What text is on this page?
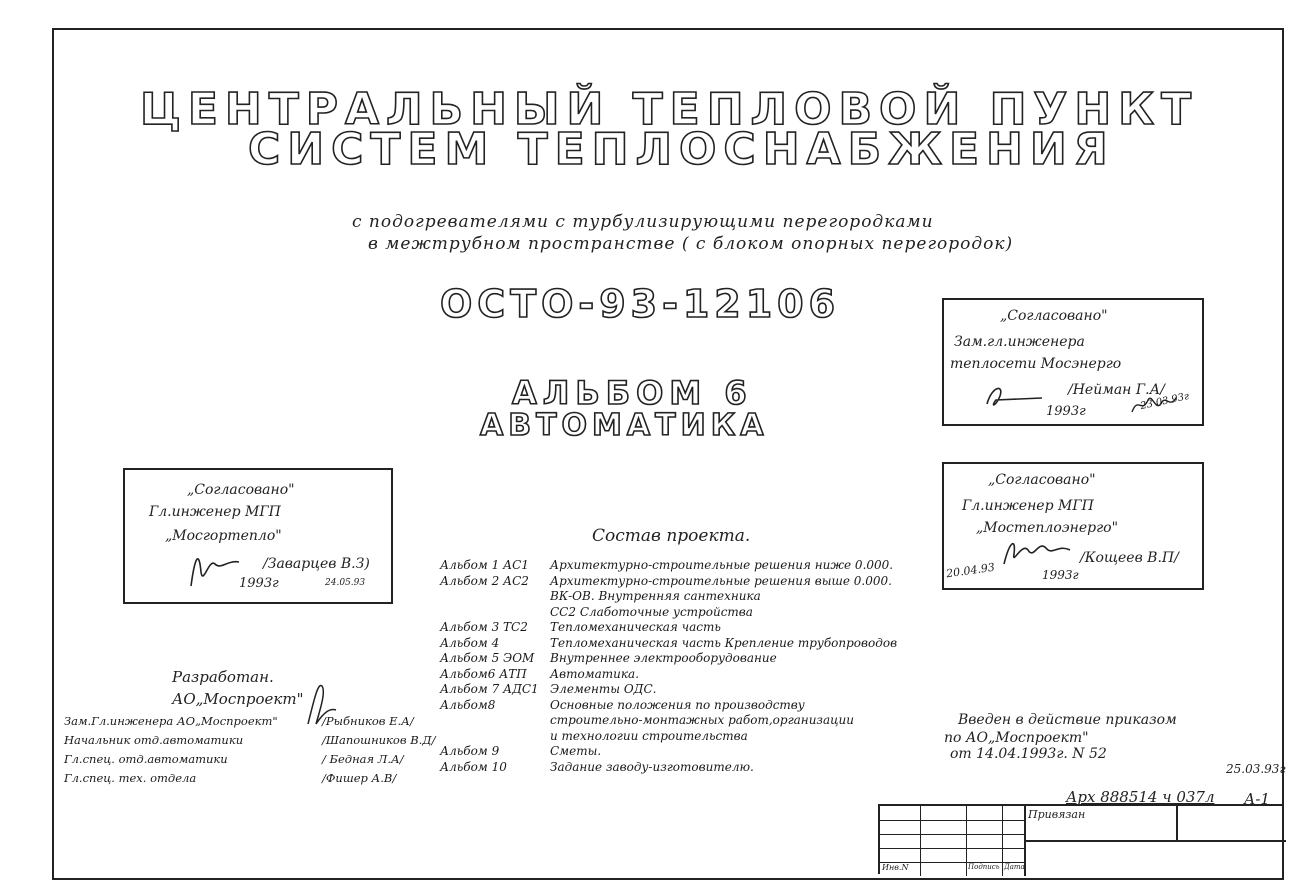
ЦЕНТРАЛЬНЫЙ ТЕПЛОВОЙ ПУНКТ
СИСТЕМ ТЕПЛОСНАБЖЕНИЯ
с подогревателями с турбулизирующими перегородками
в межтрубном пространстве ( с блоком опорных перегородок)
ОСТО-93-12106
АЛЬБОМ 6
АВТОМАТИКА
„Согласовано"
Зам.гл.инженера
теплосети Мосэнерго
/Нейман Г.А/
1993г	23 03 93г
„Согласовано"
Гл.инженер МГП
„Мостеплоэнерго"
/Кощеев В.П/
1993г
20.04.93
„Согласовано"
Гл.инженер МГП
„Мосгортепло"
/Заварцев В.З)
1993г	24.05.93
Состав проекта.
Альбом 1 АС1 Архитектурно-строительные решения ниже 0.000.
Альбом 2 АС2 Архитектурно-строительные решения выше 0.000.
ВК-ОВ. Внутренняя сантехника
СС2 Слаботочные устройства
Альбом 3 ТС2 Тепломеханическая часть
Альбом 4	Тепломеханическая часть Крепление трубопроводов
Альбом 5 ЭОМ Внутреннее электрооборудование
Альбом6 АТП Автоматика.
Альбом 7 АДС1 Элементы ОДС.
Альбом8	Основные положения по производству
строительно-монтажных работ,организации
и технологии строительства
Альбом 9	Сметы.
Альбом 10	Задание заводу-изготовителю.
Разработан.
АО„Моспроект"
Зам.Гл.инженера АО„Моспроект"	/Рыбников Е.А/
Начальник отд.автоматики	/Шапошников В.Д/
Гл.спец. отд.автоматики	/ Бедная Л.А/
Гл.спец. тех. отдела	/Фишер А.В/
Введен в действие приказом
по АО„Моспроект"
от 14.04.1993г. N 52
25.03.93г
Арх 888514 ч 037л А-1
Привязан
Инв.N	Подпись Дата
